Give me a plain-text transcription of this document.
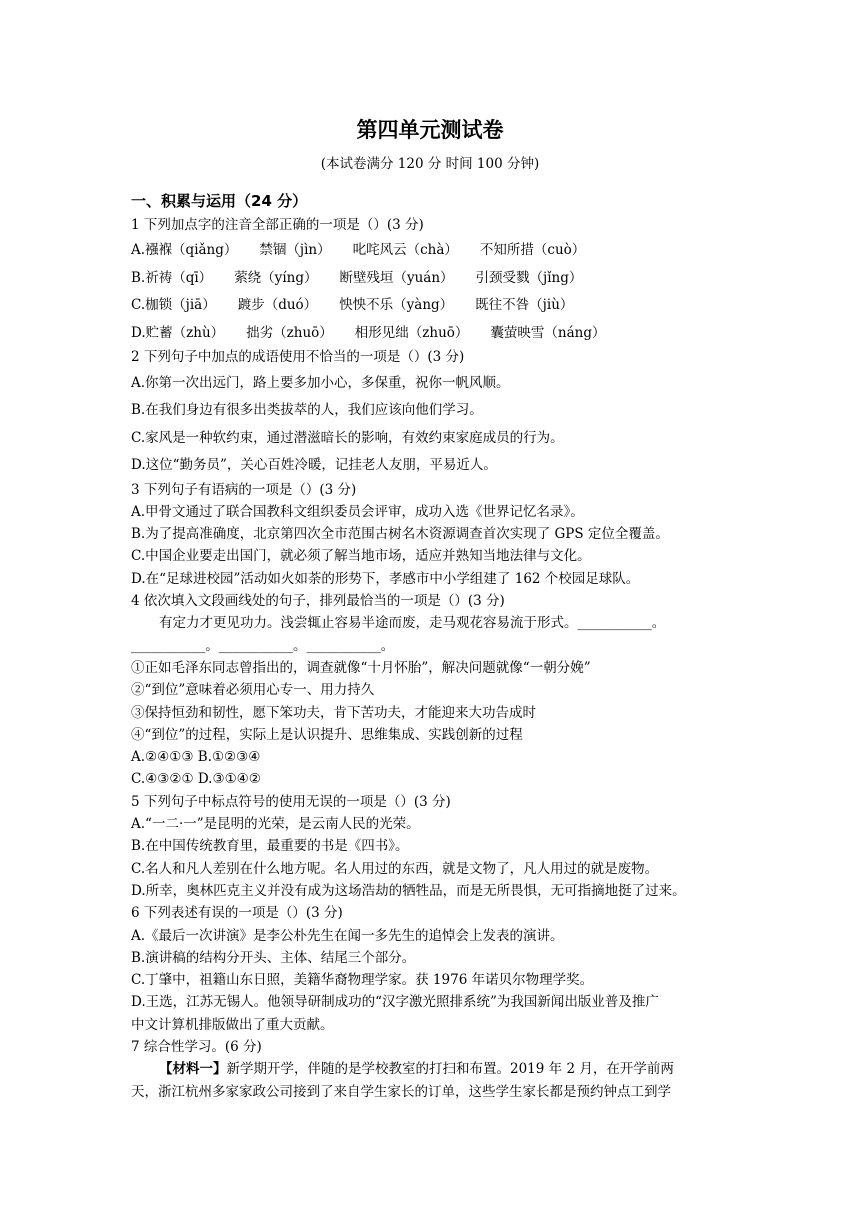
第四单元测试卷
(本试卷满分 120 分 时间 100 分钟)
一、积累与运用（24 分）
1 下列加点字的注音全部正确的一项是（）(3 分)
A.襁褓（qiǎng） 禁锢（jìn） 叱咤风云（chà） 不知所措（cuò）
B.祈祷（qī） 萦绕（yíng） 断壁残垣（yuán） 引颈受戮（jǐng）
C.枷锁（jiā） 踱步（duó） 怏怏不乐（yàng） 既往不咎（jiù）
D.贮蓄（zhù） 拙劣（zhuō） 相形见绌（zhuō） 囊萤映雪（náng）
2 下列句子中加点的成语使用不恰当的一项是（）(3 分)
A.你第一次出远门，路上要多加小心，多保重，祝你一帆风顺。
B.在我们身边有很多出类拔萃的人，我们应该向他们学习。
C.家风是一种软约束，通过潜滋暗长的影响，有效约束家庭成员的行为。
D.这位“勤务员”，关心百姓冷暖，记挂老人友朋，平易近人。
3 下列句子有语病的一项是（）(3 分)
A.甲骨文通过了联合国教科文组织委员会评审，成功入选《世界记忆名录》。
B.为了提高准确度，北京第四次全市范围古树名木资源调查首次实现了 GPS 定位全覆盖。
C.中国企业要走出国门，就必须了解当地市场，适应并熟知当地法律与文化。
D.在“足球进校园”活动如火如荼的形势下，孝感市中小学组建了 162 个校园足球队。
4 依次填入文段画线处的句子，排列最恰当的一项是（）(3 分)
有定力才更见功力。浅尝辄止容易半途而废，走马观花容易流于形式。___________。
___________。___________。___________。
①正如毛泽东同志曾指出的，调查就像“十月怀胎”，解决问题就像“一朝分娩”
②“到位”意味着必须用心专一、用力持久
③保持恒劲和韧性，愿下笨功夫，肯下苦功夫，才能迎来大功告成时
④“到位”的过程，实际上是认识提升、思维集成、实践创新的过程
A.②④①③ B.①②③④
C.④③②① D.③①④②
5 下列句子中标点符号的使用无误的一项是（）(3 分)
A.“一二·一”是昆明的光荣，是云南人民的光荣。
B.在中国传统教育里，最重要的书是《四书》。
C.名人和凡人差别在什么地方呢。名人用过的东西，就是文物了，凡人用过的就是废物。
D.所幸，奥林匹克主义并没有成为这场浩劫的牺牲品，而是无所畏惧，无可指摘地挺了过来。
6 下列表述有误的一项是（）(3 分)
A.《最后一次讲演》是李公朴先生在闻一多先生的追悼会上发表的演讲。
B.演讲稿的结构分开头、主体、结尾三个部分。
C.丁肇中，祖籍山东日照，美籍华裔物理学家。获 1976 年诺贝尔物理学奖。
D.王选，江苏无锡人。他领导研制成功的“汉字激光照排系统”为我国新闻出版业普及推广
中文计算机排版做出了重大贡献。
7 综合性学习。(6 分)
【材料一】新学期开学，伴随的是学校教室的打扫和布置。2019 年 2 月，在开学前两
天，浙江杭州多家家政公司接到了来自学生家长的订单，这些学生家长都是预约钟点工到学
